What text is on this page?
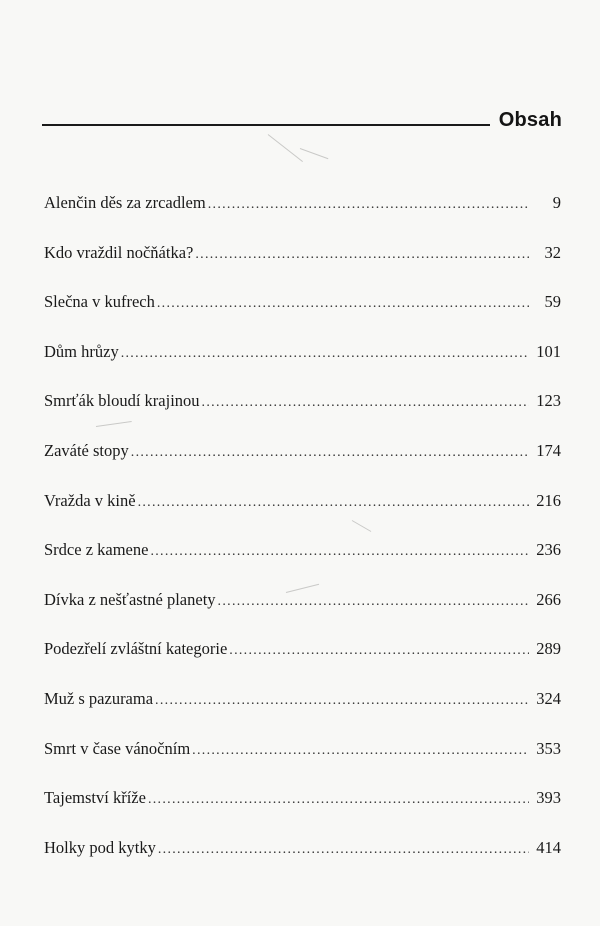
Obsah
Alenčin děs za zrcadlem . . .	9
Kdo vraždil nočňátka? . . .	32
Slečna v kufrech . . .	59
Dům hrůzy . . .	101
Smrťák bloudí krajinou . . .	123
Zaváté stopy . . .	174
Vražda v kině . . .	216
Srdce z kamene . . .	236
Dívka z nešťastné planety . . .	266
Podezřelí zvláštní kategorie . . .	289
Muž s pazurama . . .	324
Smrt v čase vánočním . . .	353
Tajemství kříže . . .	393
Holky pod kytky . . .	414
